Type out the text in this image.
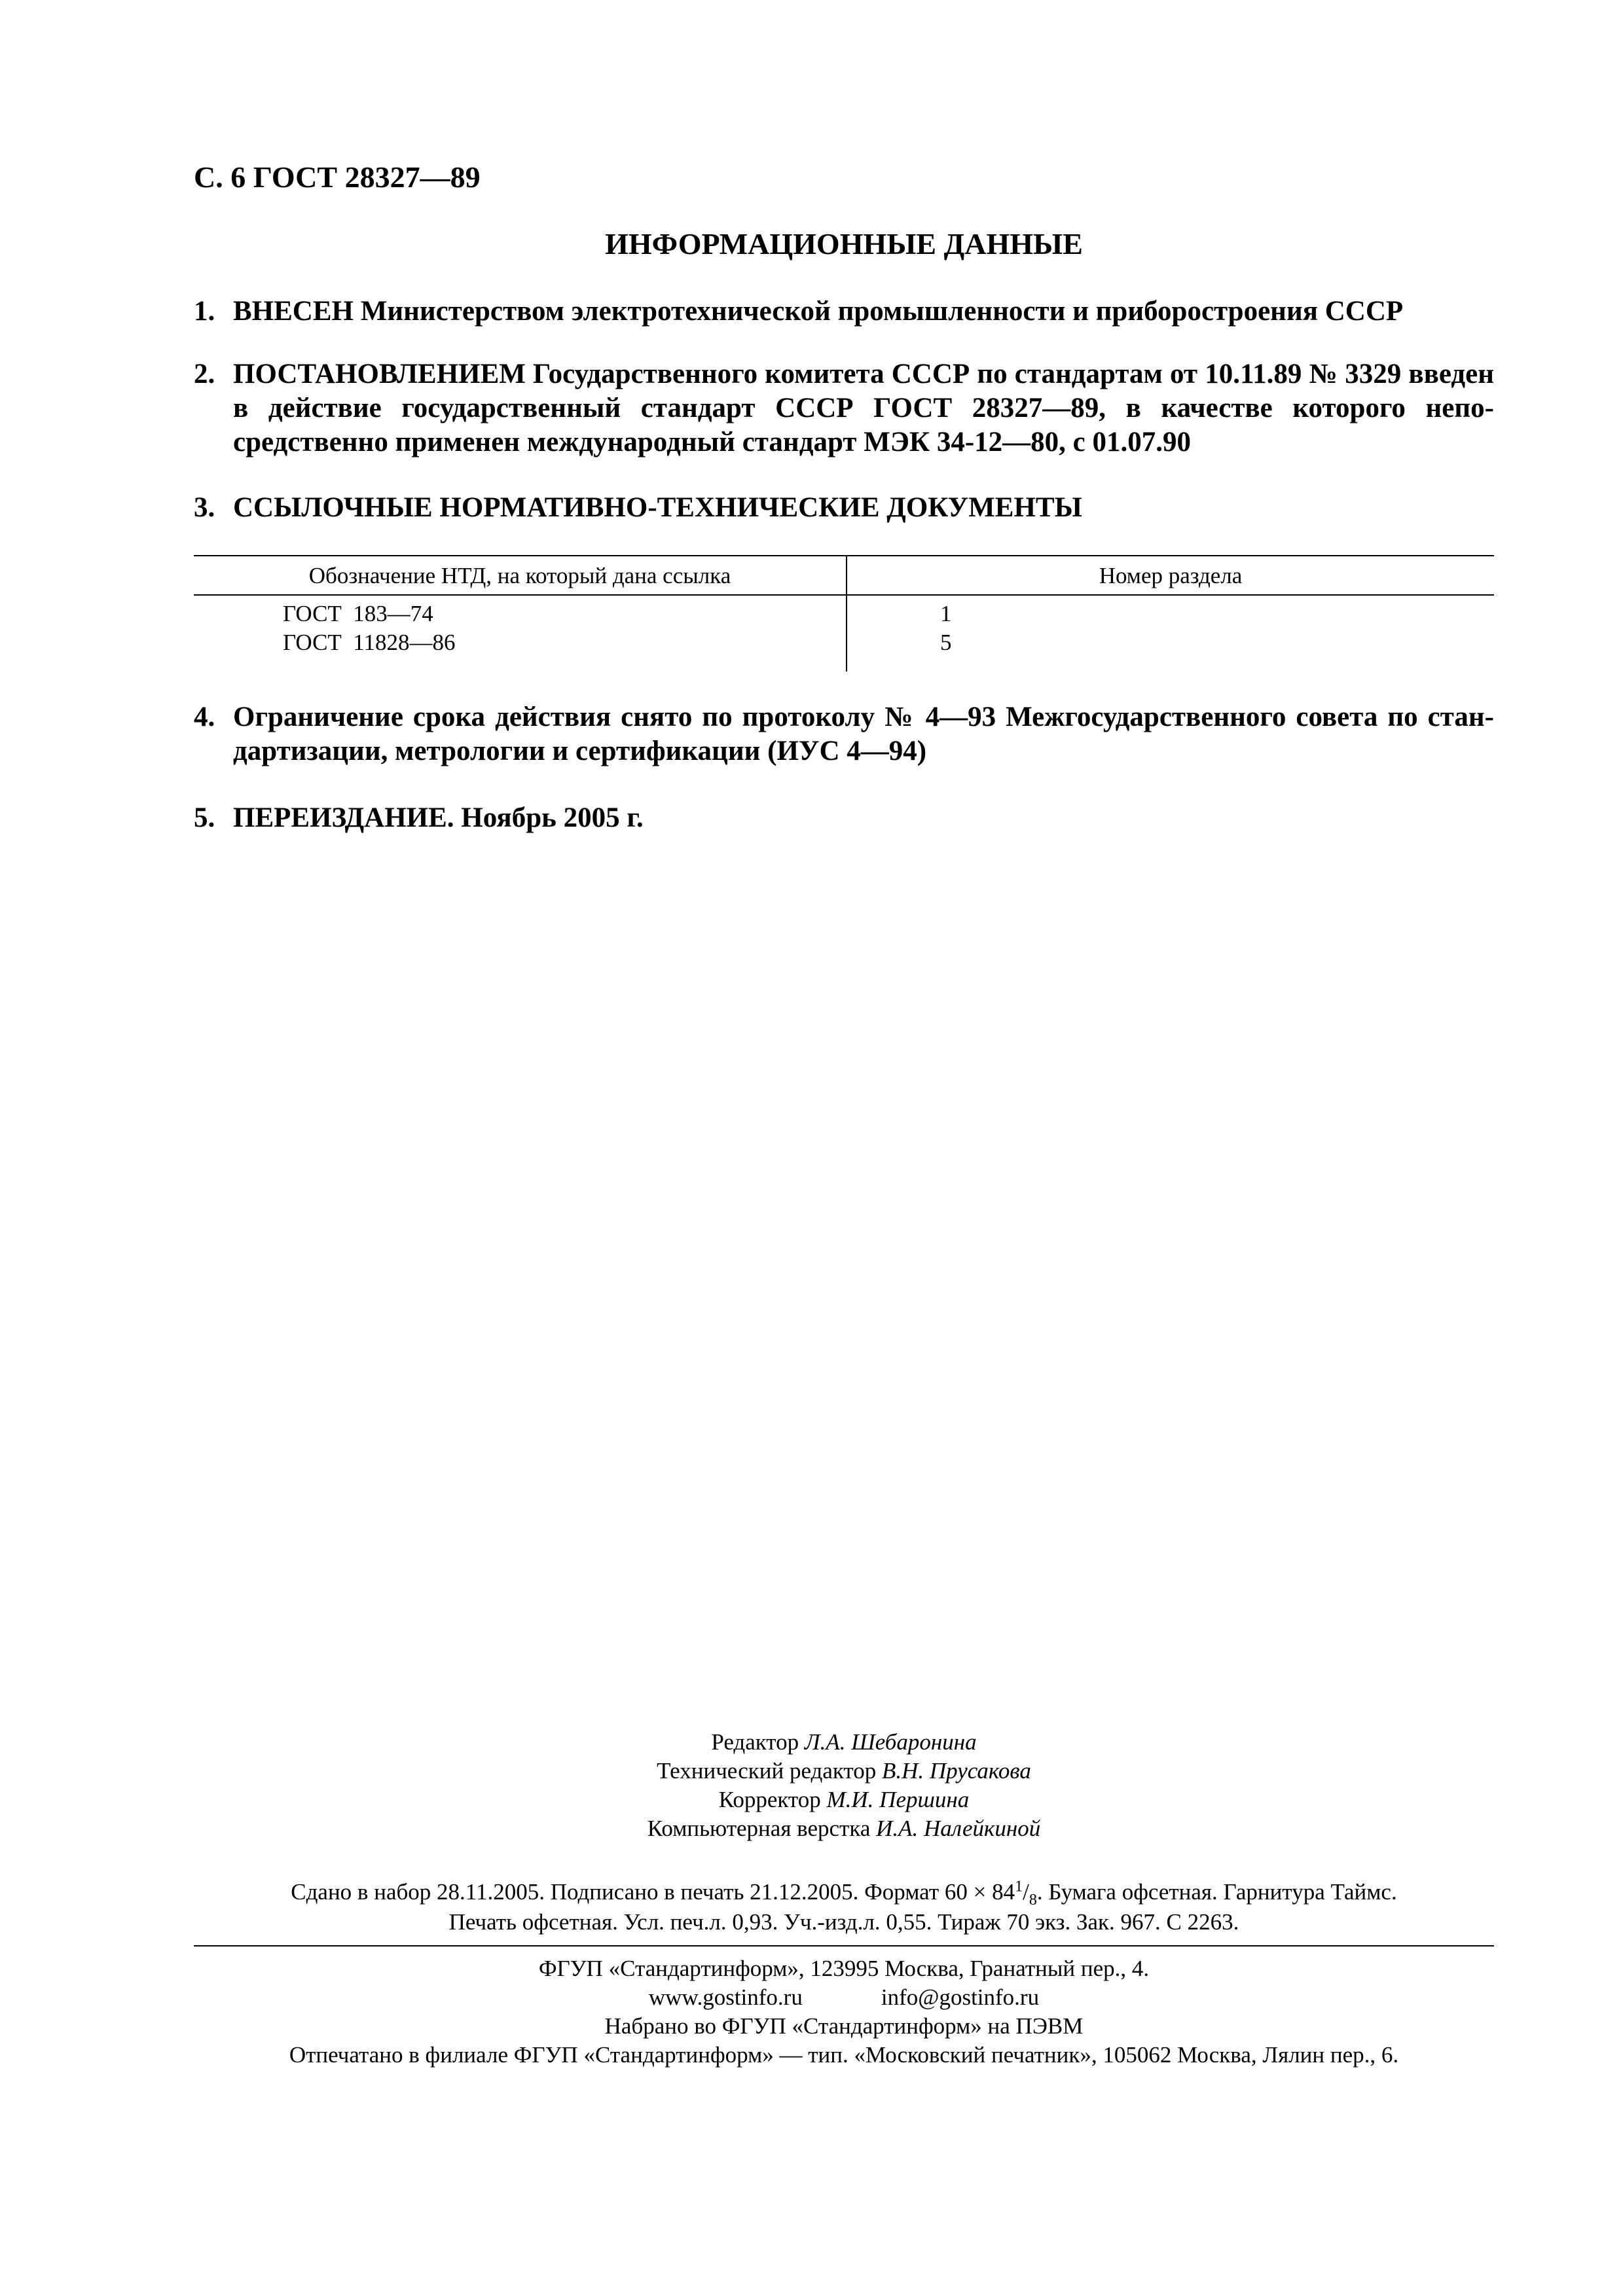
С. 6 ГОСТ 28327—89
ИНФОРМАЦИОННЫЕ ДАННЫЕ
1. ВНЕСЕН Министерством электротехнической промышленности и приборостроения СССР
2. ПОСТАНОВЛЕНИЕМ Государственного комитета СССР по стандартам от 10.11.89 № 3329 введен в действие государственный стандарт СССР ГОСТ 28327—89, в качестве которого непосредственно применен международный стандарт МЭК 34-12—80, с 01.07.90
3. ССЫЛОЧНЫЕ НОРМАТИВНО-ТЕХНИЧЕСКИЕ ДОКУМЕНТЫ
Обозначение НТД, на который дана ссылка	Номер раздела
ГОСТ  183—74	1
ГОСТ  11828—86	5
4. Ограничение срока действия снято по протоколу № 4—93 Межгосударственного совета по стандартизации, метрологии и сертификации (ИУС 4—94)
5. ПЕРЕИЗДАНИЕ. Ноябрь 2005 г.
Редактор Л.А. Шебаронина
Технический редактор В.Н. Прусакова
Корректор М.И. Першина
Компьютерная верстка И.А. Налейкиной
Сдано в набор 28.11.2005. Подписано в печать 21.12.2005. Формат $60 \times 84^1/_8$. Бумага офсетная. Гарнитура Таймс.
Печать офсетная. Усл. печ.л. 0,93. Уч.-изд.л. 0,55. Тираж 70 экз. Зак. 967. С 2263.
ФГУП «Стандартинформ», 123995 Москва, Гранатный пер., 4.
www.gostinfo.ru	info@gostinfo.ru
Набрано во ФГУП «Стандартинформ» на ПЭВМ
Отпечатано в филиале ФГУП «Стандартинформ» — тип. «Московский печатник», 105062 Москва, Лялин пер., 6.
